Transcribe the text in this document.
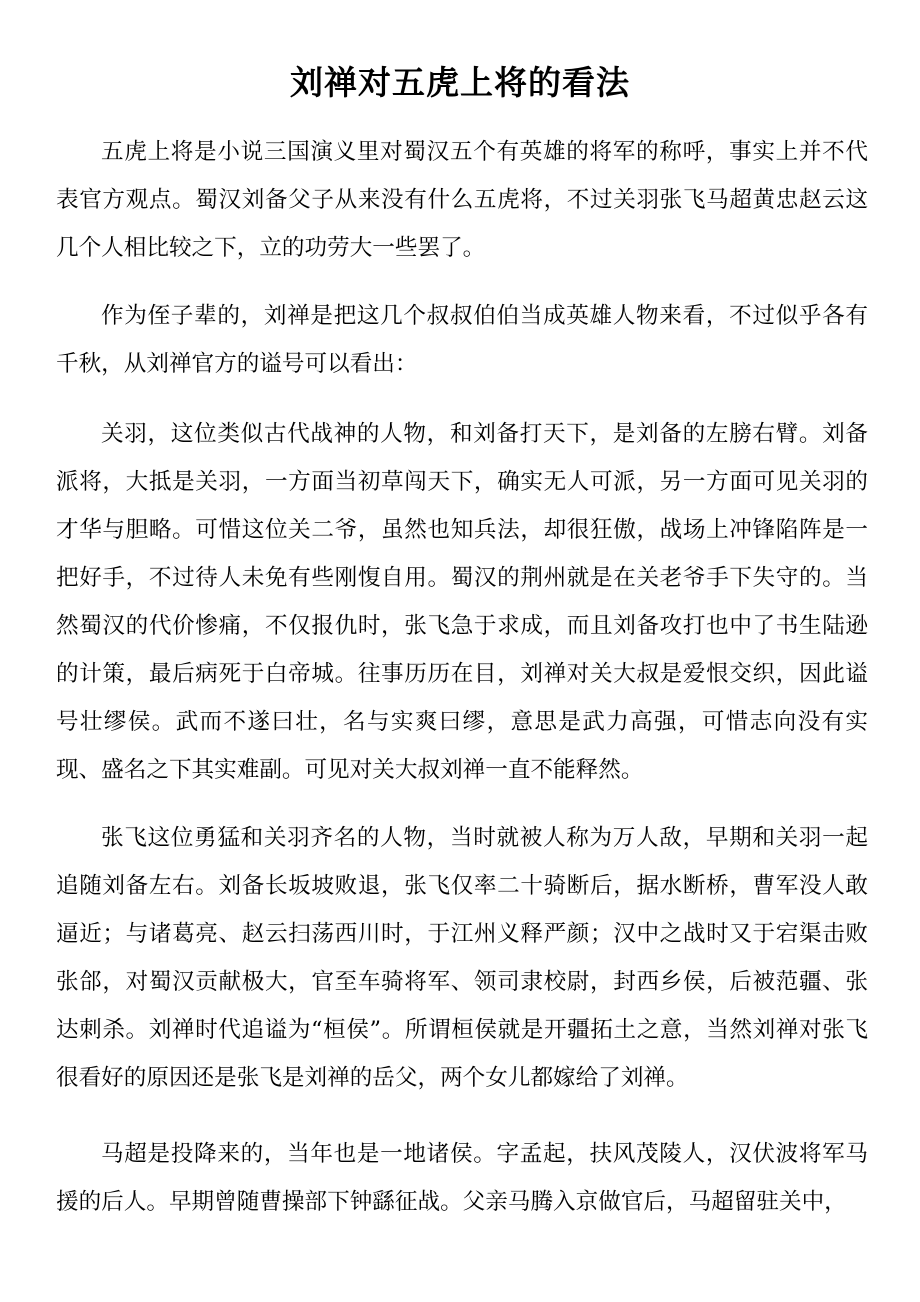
刘禅对五虎上将的看法

五虎上将是小说三国演义里对蜀汉五个有英雄的将军的称呼，事实上并不代表官方观点。蜀汉刘备父子从来没有什么五虎将，不过关羽张飞马超黄忠赵云这几个人相比较之下，立的功劳大一些罢了。

作为侄子辈的，刘禅是把这几个叔叔伯伯当成英雄人物来看，不过似乎各有千秋，从刘禅官方的谥号可以看出：

关羽，这位类似古代战神的人物，和刘备打天下，是刘备的左膀右臂。刘备派将，大抵是关羽，一方面当初草闯天下，确实无人可派，另一方面可见关羽的才华与胆略。可惜这位关二爷，虽然也知兵法，却很狂傲，战场上冲锋陷阵是一把好手，不过待人未免有些刚愎自用。蜀汉的荆州就是在关老爷手下失守的。当然蜀汉的代价惨痛，不仅报仇时，张飞急于求成，而且刘备攻打也中了书生陆逊的计策，最后病死于白帝城。往事历历在目，刘禅对关大叔是爱恨交织，因此谥号壮缪侯。武而不遂曰壮，名与实爽曰缪，意思是武力高强，可惜志向没有实现、盛名之下其实难副。可见对关大叔刘禅一直不能释然。

张飞这位勇猛和关羽齐名的人物，当时就被人称为万人敌，早期和关羽一起追随刘备左右。刘备长坂坡败退，张飞仅率二十骑断后，据水断桥，曹军没人敢逼近；与诸葛亮、赵云扫荡西川时，于江州义释严颜；汉中之战时又于宕渠击败张郃，对蜀汉贡献极大，官至车骑将军、领司隶校尉，封西乡侯，后被范疆、张达刺杀。刘禅时代追谥为“桓侯”。所谓桓侯就是开疆拓土之意，当然刘禅对张飞很看好的原因还是张飞是刘禅的岳父，两个女儿都嫁给了刘禅。

马超是投降来的，当年也是一地诸侯。字孟起，扶风茂陵人，汉伏波将军马援的后人。早期曾随曹操部下钟繇征战。父亲马腾入京做官后，马超留驻关中，
